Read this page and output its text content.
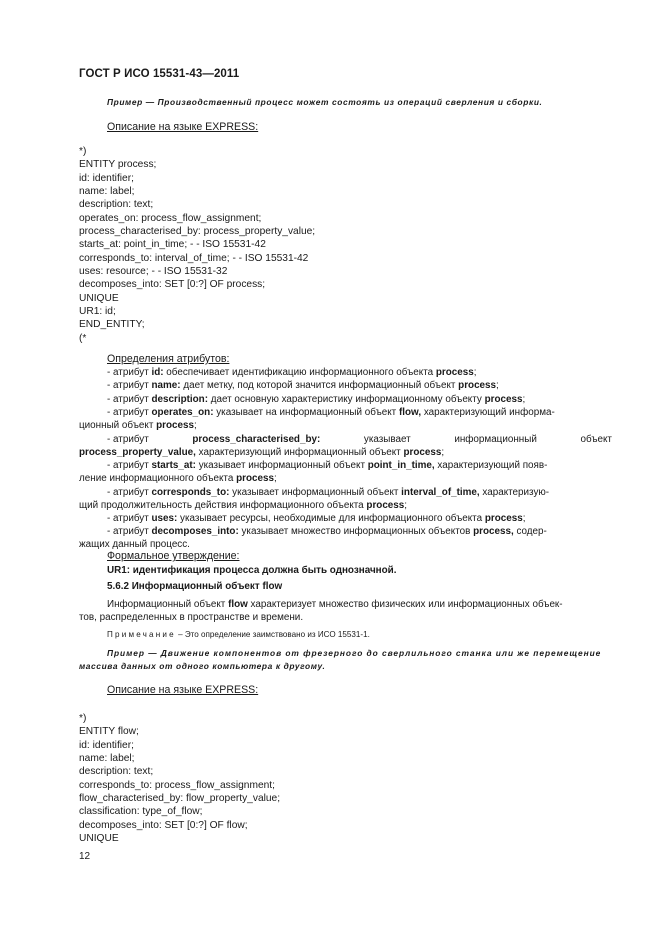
ГОСТ Р ИСО 15531-43—2011
Пример — Производственный процесс может состоять из операций сверления и сборки.
Описание на языке EXPRESS:
*)
ENTITY process;
id: identifier;
name: label;
description: text;
operates_on: process_flow_assignment;
process_characterised_by: process_property_value;
starts_at: point_in_time; - - ISO 15531-42
corresponds_to: interval_of_time; - - ISO 15531-42
uses: resource; - - ISO 15531-32
decomposes_into: SET [0:?] OF process;
UNIQUE
UR1: id;
END_ENTITY;
(*
Определения атрибутов:
- атрибут id: обеспечивает идентификацию информационного объекта process;
- атрибут name: дает метку, под которой значится информационный объект process;
- атрибут description: дает основную характеристику информационному объекту process;
- атрибут operates_on: указывает на информационный объект flow, характеризующий информа-
ционный объект process;
- атрибут	process_characterised_by:	указывает	информационный	объект
process_property_value, характеризующий информационный объект process;
- атрибут starts_at: указывает информационный объект point_in_time, характеризующий появ-
ление информационного объекта process;
- атрибут corresponds_to: указывает информационный объект interval_of_time, характеризую-
щий продолжительность действия информационного объекта process;
- атрибут uses: указывает ресурсы, необходимые для информационного объекта process;
- атрибут decomposes_into: указывает множество информационных объектов process, содер-
жащих данный процесс.
Формальное утверждение:
UR1: идентификация процесса должна быть однозначной.
5.6.2 Информационный объект flow
Информационный объект flow характеризует множество физических или информационных объек-
тов, распределенных в пространстве и времени.
Примечание – Это определение заимствовано из ИСО 15531-1.
Пример — Движение компонентов от фрезерного до сверлильного станка или же перемещение
массива данных от одного компьютера к другому.
Описание на языке EXPRESS:
*)
ENTITY flow;
id: identifier;
name: label;
description: text;
corresponds_to: process_flow_assignment;
flow_characterised_by: flow_property_value;
classification: type_of_flow;
decomposes_into: SET [0:?] OF flow;
UNIQUE
12
